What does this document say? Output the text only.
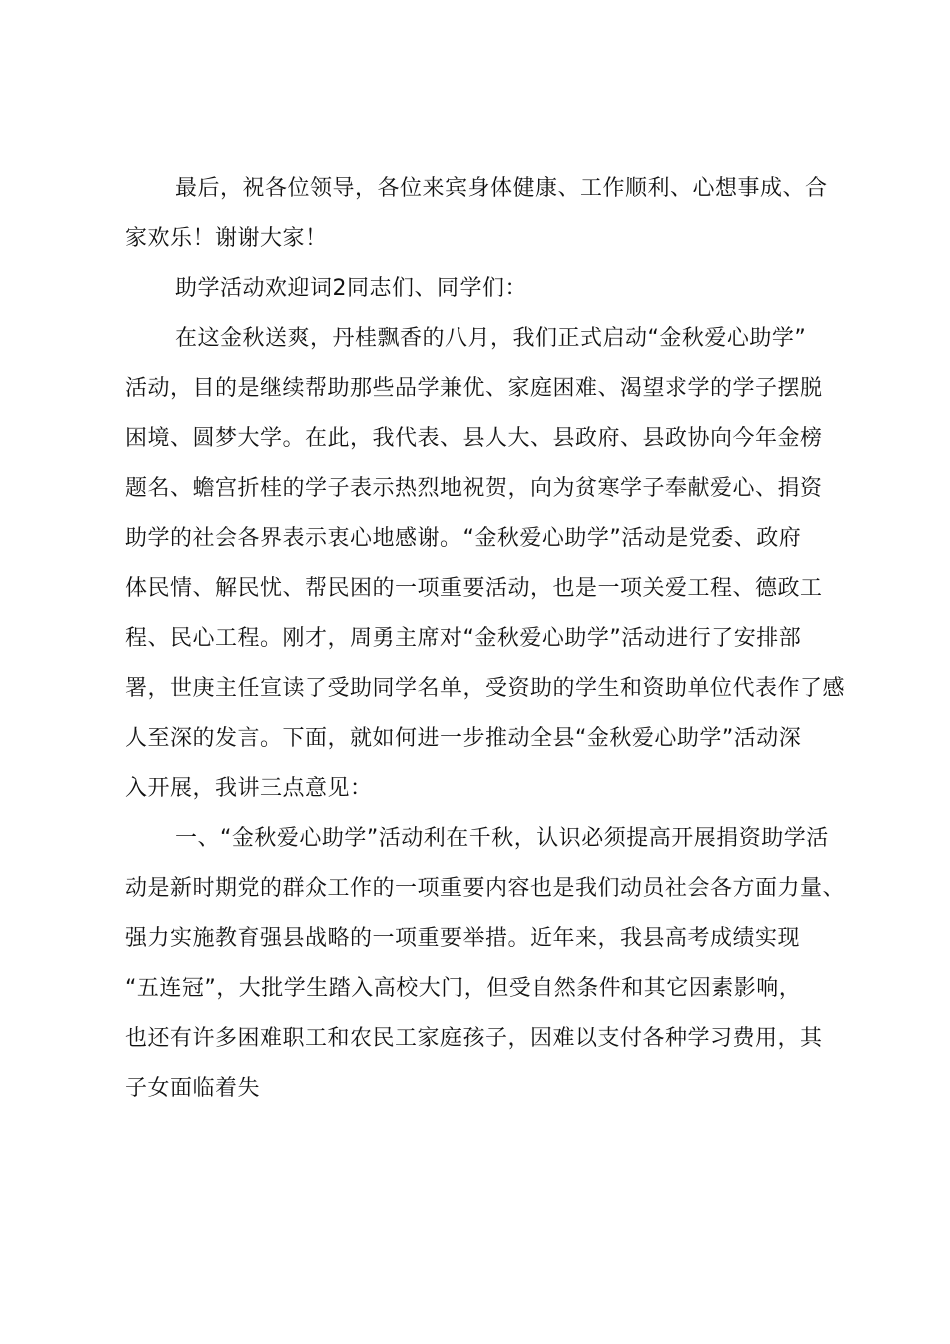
最后，祝各位领导，各位来宾身体健康、工作顺利、心想事成、合
家欢乐！谢谢大家！
助学活动欢迎词2同志们、同学们：
在这金秋送爽，丹桂飘香的八月，我们正式启动“金秋爱心助学”
活动，目的是继续帮助那些品学兼优、家庭困难、渴望求学的学子摆脱
困境、圆梦大学。在此，我代表、县人大、县政府、县政协向今年金榜
题名、蟾宫折桂的学子表示热烈地祝贺，向为贫寒学子奉献爱心、捐资
助学的社会各界表示衷心地感谢。“金秋爱心助学”活动是党委、政府
体民情、解民忧、帮民困的一项重要活动，也是一项关爱工程、德政工
程、民心工程。刚才，周勇主席对“金秋爱心助学”活动进行了安排部
署，世庚主任宣读了受助同学名单，受资助的学生和资助单位代表作了感
人至深的发言。下面，就如何进一步推动全县“金秋爱心助学”活动深
入开展，我讲三点意见：
一、“金秋爱心助学”活动利在千秋，认识必须提高开展捐资助学活
动是新时期党的群众工作的一项重要内容也是我们动员社会各方面力量、
强力实施教育强县战略的一项重要举措。近年来，我县高考成绩实现
“五连冠”，大批学生踏入高校大门，但受自然条件和其它因素影响，
也还有许多困难职工和农民工家庭孩子，因难以支付各种学习费用，其
子女面临着失
